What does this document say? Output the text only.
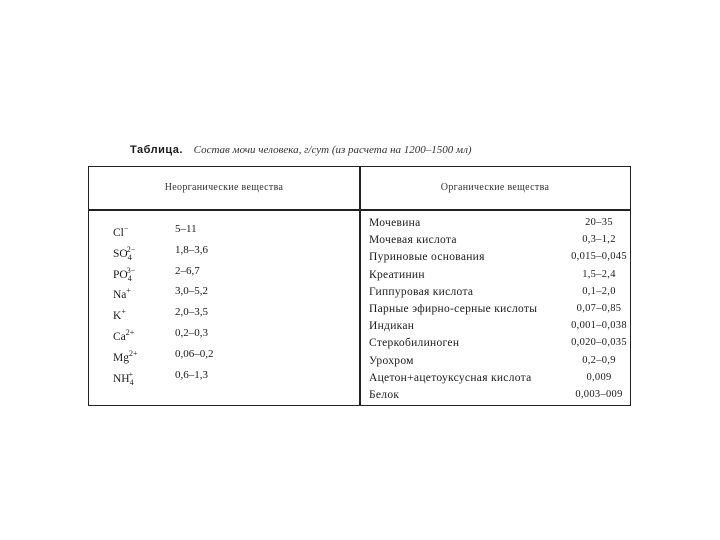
Таблица. Состав мочи человека, г/сут (из расчета на 1200–1500 мл)
Неорганические вещества	Органические вещества
Cl−	5–11
$SO_4^{2-}$	1,8–3,6
$PO_4^{3-}$	2–6,7
Na+	3,0–5,2
K+	2,0–3,5
$Ca^{2+}$	0,2–0,3
$Mg^{2+}$	0,06–0,2
$NH_4^+$	0,6–1,3
Мочевина	20–35
Мочевая кислота	0,3–1,2
Пуриновые основания	0,015–0,045
Креатинин	1,5–2,4
Гиппуровая кислота	0,1–2,0
Парные эфирно-серные кислоты	0,07–0,85
Индикан	0,001–0,038
Стеркобилиноген	0,020–0,035
Урохром	0,2–0,9
Ацетон+ацетоуксусная кислота	0,009
Белок	0,003–009
